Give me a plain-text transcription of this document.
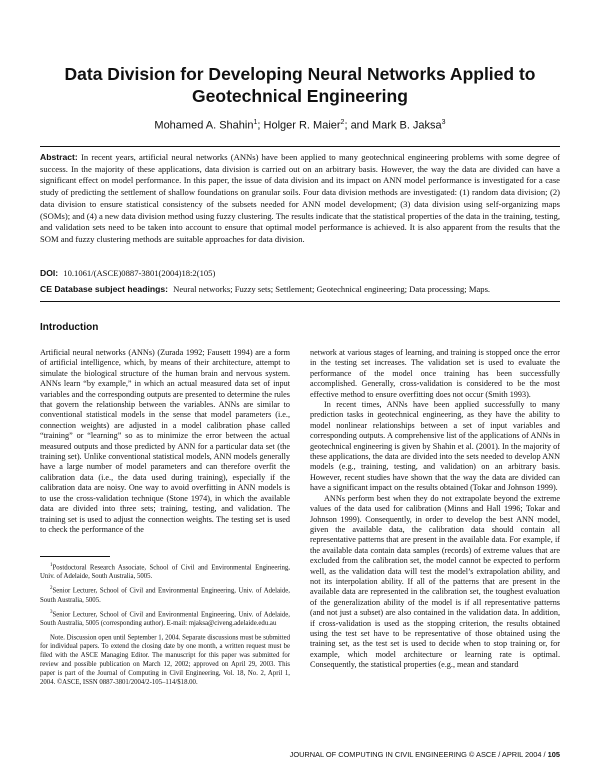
Data Division for Developing Neural Networks Applied to Geotechnical Engineering
Mohamed A. Shahin$^1$; Holger R. Maier$^2$; and Mark B. Jaksa$^3$
Abstract: In recent years, artificial neural networks (ANNs) have been applied to many geotechnical engineering problems with some degree of success. In the majority of these applications, data division is carried out on an arbitrary basis. However, the way the data are divided can have a significant effect on model performance. In this paper, the issue of data division and its impact on ANN model performance is investigated for a case study of predicting the settlement of shallow foundations on granular soils. Four data division methods are investigated: (1) random data division; (2) data division to ensure statistical consistency of the subsets needed for ANN model development; (3) data division using self-organizing maps (SOMs); and (4) a new data division method using fuzzy clustering. The results indicate that the statistical properties of the data in the training, testing, and validation sets need to be taken into account to ensure that optimal model performance is achieved. It is also apparent from the results that the SOM and fuzzy clustering methods are suitable approaches for data division.
DOI: 10.1061/(ASCE)0887-3801(2004)18:2(105)
CE Database subject headings: Neural networks; Fuzzy sets; Settlement; Geotechnical engineering; Data processing; Maps.
Introduction

Artificial neural networks (ANNs) (Zurada 1992; Fausett 1994) are a form of artificial intelligence, which, by means of their architecture, attempt to simulate the biological structure of the human brain and nervous system. ANNs learn “by example,” in which an actual measured data set of input variables and the corresponding outputs are presented to determine the rules that govern the relationship between the variables. ANNs are similar to conventional statistical models in the sense that model parameters (i.e., connection weights) are adjusted in a model calibration phase called “training” or “learning” so as to minimize the error between the actual measured outputs and those predicted by ANN for a particular data set (the training set). Unlike conventional statistical models, ANN models generally have a large number of model parameters and can therefore overfit the calibration data (i.e., the data used during training), especially if the calibration data are noisy. One way to avoid overfitting in ANN models is to use the cross-validation technique (Stone 1974), in which the available data are divided into three sets; training, testing, and validation. The training set is used to adjust the connection weights. The testing set is used to check the performance of the

$^1$Postdoctoral Research Associate, School of Civil and Environmental Engineering, Univ. of Adelaide, South Australia, 5005.

$^2$Senior Lecturer, School of Civil and Environmental Engineering, Univ. of Adelaide, South Australia, 5005.

$^3$Senior Lecturer, School of Civil and Environmental Engineering, Univ. of Adelaide, South Australia, 5005 (corresponding author). E-mail: mjaksa@civeng.adelaide.edu.au

Note. Discussion open until September 1, 2004. Separate discussions must be submitted for individual papers. To extend the closing date by one month, a written request must be filed with the ASCE Managing Editor. The manuscript for this paper was submitted for review and possible publication on March 12, 2002; approved on April 29, 2003. This paper is part of the Journal of Computing in Civil Engineering, Vol. 18, No. 2, April 1, 2004. ©ASCE, ISSN 0887-3801/2004/2-105–114/$18.00.

network at various stages of learning, and training is stopped once the error in the testing set increases. The validation set is used to evaluate the performance of the model once training has been successfully accomplished. Generally, cross-validation is considered to be the most effective method to ensure overfitting does not occur (Smith 1993).

In recent times, ANNs have been applied successfully to many prediction tasks in geotechnical engineering, as they have the ability to model nonlinear relationships between a set of input variables and corresponding outputs. A comprehensive list of the applications of ANNs in geotechnical engineering is given by Shahin et al. (2001). In the majority of these applications, the data are divided into the sets needed to develop ANN models (e.g., training, testing, and validation) on an arbitrary basis. However, recent studies have shown that the way the data are divided can have a significant impact on the results obtained (Tokar and Johnson 1999).

ANNs perform best when they do not extrapolate beyond the extreme values of the data used for calibration (Minns and Hall 1996; Tokar and Johnson 1999). Consequently, in order to develop the best ANN model, given the available data, the calibration data should contain all representative patterns that are present in the available data. For example, if the available data contain data samples (records) of extreme values that are excluded from the calibration set, the model cannot be expected to perform well, as the validation data will test the model’s extrapolation ability, and not its interpolation ability. If all of the patterns that are present in the available data are represented in the calibration set, the toughest evaluation of the generalization ability of the model is if all representative patterns (and not just a subset) are also contained in the validation data. In addition, if cross-validation is used as the stopping criterion, the results obtained using the test set have to be representative of those obtained using the training set, as the test set is used to decide when to stop training or, for example, which model architecture or learning rate is optimal. Consequently, the statistical properties (e.g., mean and standard

JOURNAL OF COMPUTING IN CIVIL ENGINEERING © ASCE / APRIL 2004 / 105
